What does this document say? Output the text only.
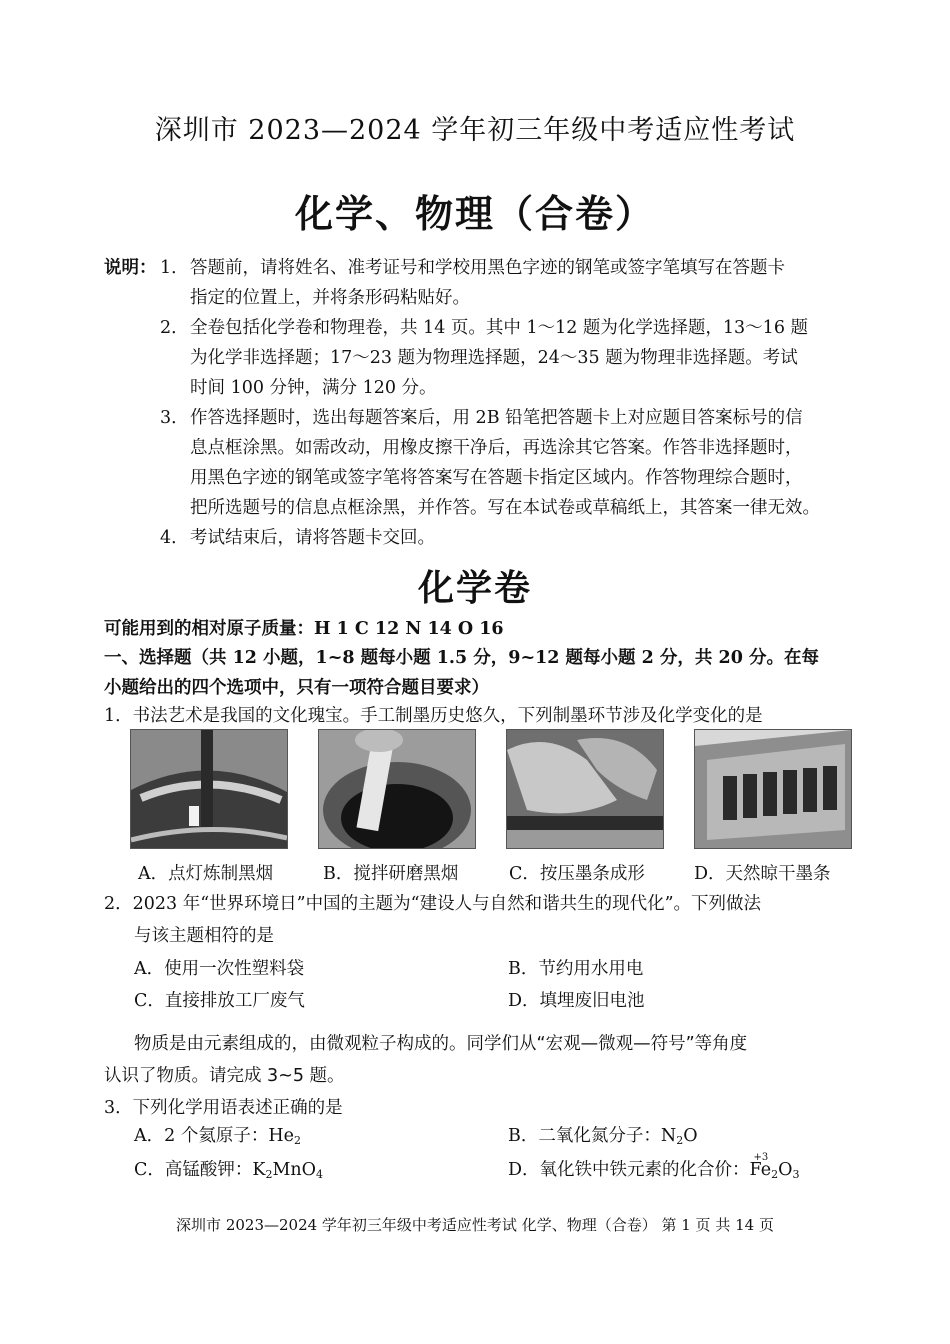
深圳市 2023—2024 学年初三年级中考适应性考试
化学、物理（合卷）
说明： 1． 答题前，请将姓名、准考证号和学校用黑色字迹的钢笔或签字笔填写在答题卡
指定的位置上，并将条形码粘贴好。
2． 全卷包括化学卷和物理卷，共 14 页。其中 1～12 题为化学选择题，13～16 题
为化学非选择题；17～23 题为物理选择题，24～35 题为物理非选择题。考试
时间 100 分钟，满分 120 分。
3． 作答选择题时，选出每题答案后，用 2B 铅笔把答题卡上对应题目答案标号的信
息点框涂黑。如需改动，用橡皮擦干净后，再选涂其它答案。作答非选择题时，
用黑色字迹的钢笔或签字笔将答案写在答题卡指定区域内。作答物理综合题时，
把所选题号的信息点框涂黑，并作答。写在本试卷或草稿纸上，其答案一律无效。
4． 考试结束后，请将答题卡交回。
化学卷
可能用到的相对原子质量：H 1 C 12 N 14 O 16
一、选择题（共 12 小题，1~8 题每小题 1.5 分，9~12 题每小题 2 分，共 20 分。在每
小题给出的四个选项中，只有一项符合题目要求）
1．书法艺术是我国的文化瑰宝。手工制墨历史悠久，下列制墨环节涉及化学变化的是
A．点灯炼制黑烟	B．搅拌研磨黑烟	C．按压墨条成形	D．天然晾干墨条
2．2023 年“世界环境日”中国的主题为“建设人与自然和谐共生的现代化”。下列做法
与该主题相符的是
A．使用一次性塑料袋	B．节约用水用电
C．直接排放工厂废气	D．填埋废旧电池
物质是由元素组成的，由微观粒子构成的。同学们从“宏观—微观—符号”等角度
认识了物质。请完成 3~5 题。
3．下列化学用语表述正确的是
A．2 个氦原子：$He_2$	B．二氧化氮分子：$N_2O$
C．高锰酸钾：$K_2MnO_4$	D．氧化铁中铁元素的化合价：
+3
$Fe_2O_3$
深圳市 2023—2024 学年初三年级中考适应性考试 化学、物理（合卷） 第 1 页 共 14 页
